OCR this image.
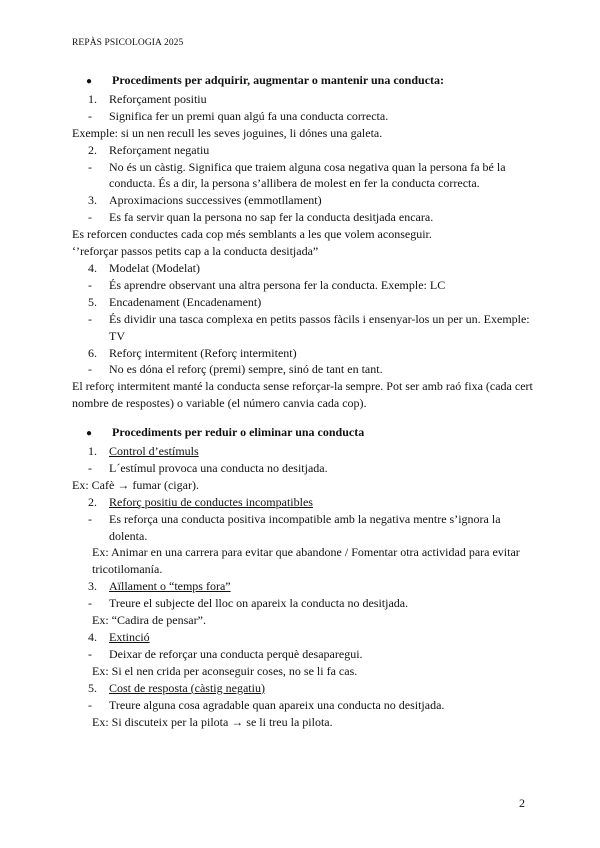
REPÀS PSICOLOGIA 2025
● Procediments per adquirir, augmentar o mantenir una conducta:
1. Reforçament positiu
- Significa fer un premi quan algú fa una conducta correcta.
Exemple: si un nen recull les seves joguines, li dónes una galeta.
2. Reforçament negatiu
- No és un càstig. Significa que traiem alguna cosa negativa quan la persona fa bé la conducta. És a dir, la persona s’allibera de molest en fer la conducta correcta.
3. Aproximacions successives (emmotllament)
- Es fa servir quan la persona no sap fer la conducta desitjada encara.
Es reforcen conductes cada cop més semblants a les que volem aconseguir.
‘’reforçar passos petits cap a la conducta desitjada”
4. Modelat (Modelat)
- És aprendre observant una altra persona fer la conducta. Exemple: LC
5. Encadenament (Encadenament)
- És dividir una tasca complexa en petits passos fàcils i ensenyar-los un per un. Exemple: TV
6. Reforç intermitent (Reforç intermitent)
- No es dóna el reforç (premi) sempre, sinó de tant en tant.
El reforç intermitent manté la conducta sense reforçar-la sempre. Pot ser amb raó fixa (cada cert nombre de respostes) o variable (el número canvia cada cop).
● Procediments per reduir o eliminar una conducta
1. Control d’estímuls
- L´estímul provoca una conducta no desitjada.
Ex: Cafè → fumar (cigar).
2. Reforç positiu de conductes incompatibles
- Es reforça una conducta positiva incompatible amb la negativa mentre s’ignora la dolenta.
Ex: Animar en una carrera para evitar que abandone / Fomentar otra actividad para evitar tricotilomanía.
3. Aïllament o “temps fora”
- Treure el subjecte del lloc on apareix la conducta no desitjada.
Ex: “Cadira de pensar”.
4. Extinció
- Deixar de reforçar una conducta perquè desaparegui.
Ex: Si el nen crida per aconseguir coses, no se li fa cas.
5. Cost de resposta (càstig negatiu)
- Treure alguna cosa agradable quan apareix una conducta no desitjada.
Ex: Si discuteix per la pilota → se li treu la pilota.
2
